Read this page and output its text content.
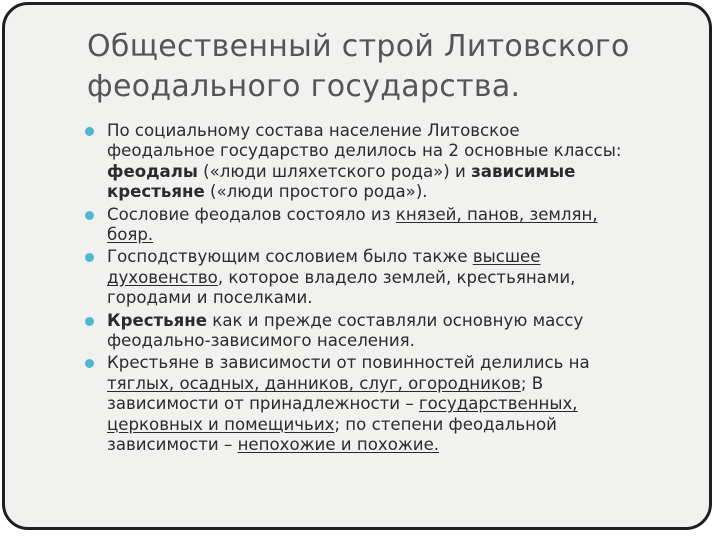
Общественный строй Литовского
феодального государства.
По социальному состава население Литовское
феодальное государство делилось на 2 основные классы:
феодалы («люди шляхетского рода») и зависимые
крестьяне («люди простого рода»).
Сословие феодалов состояло из князей, панов, землян,
бояр.
Господствующим сословием было также высшее
духовенство, которое владело землей, крестьянами,
городами и поселками.
Крестьяне как и прежде составляли основную массу
феодально-зависимого населения.
Крестьяне в зависимости от повинностей делились на
тяглых, осадных, данников, слуг, огородников; В
зависимости от принадлежности – государственных,
церковных и помещичьих; по степени феодальной
зависимости – непохожие и похожие.
